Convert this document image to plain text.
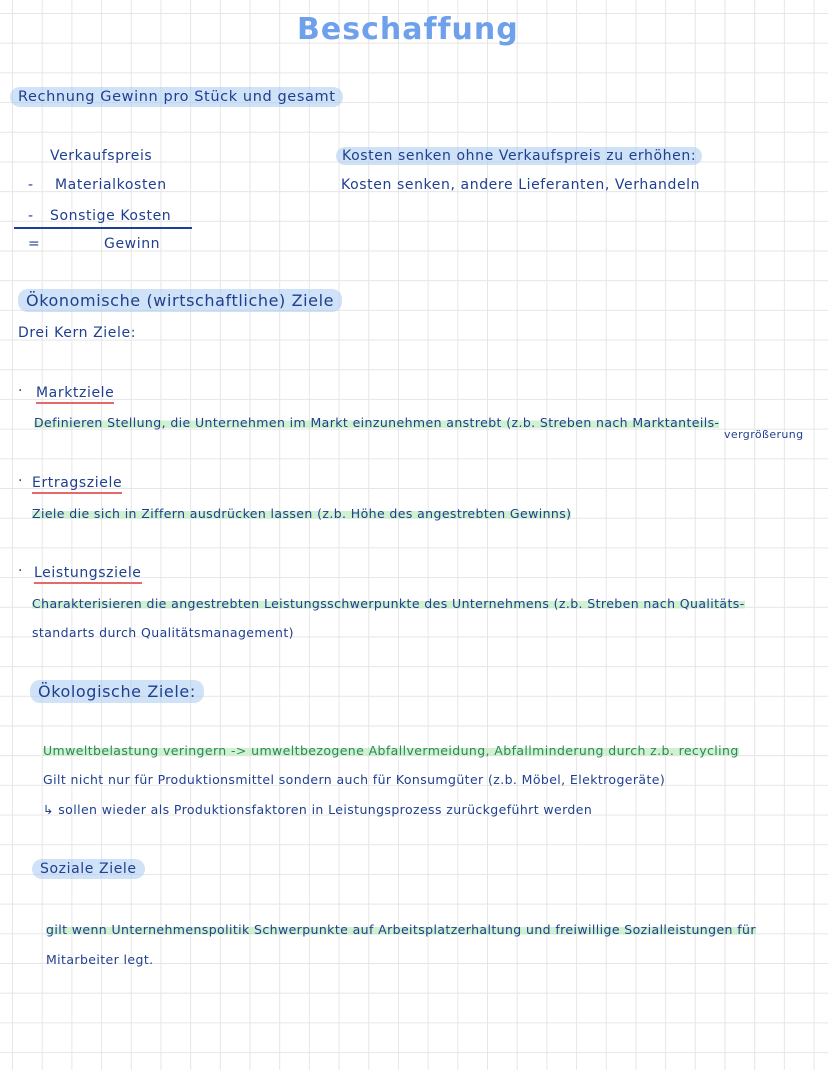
Beschaffung
Rechnung Gewinn pro Stück und gesamt
Verkaufspreis
- Materialkosten
- Sonstige Kosten
=	Gewinn
Kosten senken ohne Verkaufspreis zu erhöhen:
Kosten senken, andere Lieferanten, Verhandeln
Ökonomische (wirtschaftliche) Ziele
Drei Kern Ziele:
· Marktziele
Definieren Stellung, die Unternehmen im Markt einzunehmen anstrebt (z.b. Streben nach Marktanteils-
vergrößerung
· Ertragsziele
Ziele die sich in Ziffern ausdrücken lassen (z.b. Höhe des angestrebten Gewinns)
· Leistungsziele
Charakterisieren die angestrebten Leistungsschwerpunkte des Unternehmens (z.b. Streben nach Qualitäts-
standarts durch Qualitätsmanagement)
Ökologische Ziele:
Umweltbelastung veringern -> umweltbezogene Abfallvermeidung, Abfallminderung durch z.b. recycling
Gilt nicht nur für Produktionsmittel sondern auch für Konsumgüter (z.b. Möbel, Elektrogeräte)
↳ sollen wieder als Produktionsfaktoren in Leistungsprozess zurückgeführt werden
Soziale Ziele
gilt wenn Unternehmenspolitik Schwerpunkte auf Arbeitsplatzerhaltung und freiwillige Sozialleistungen für
Mitarbeiter legt.
